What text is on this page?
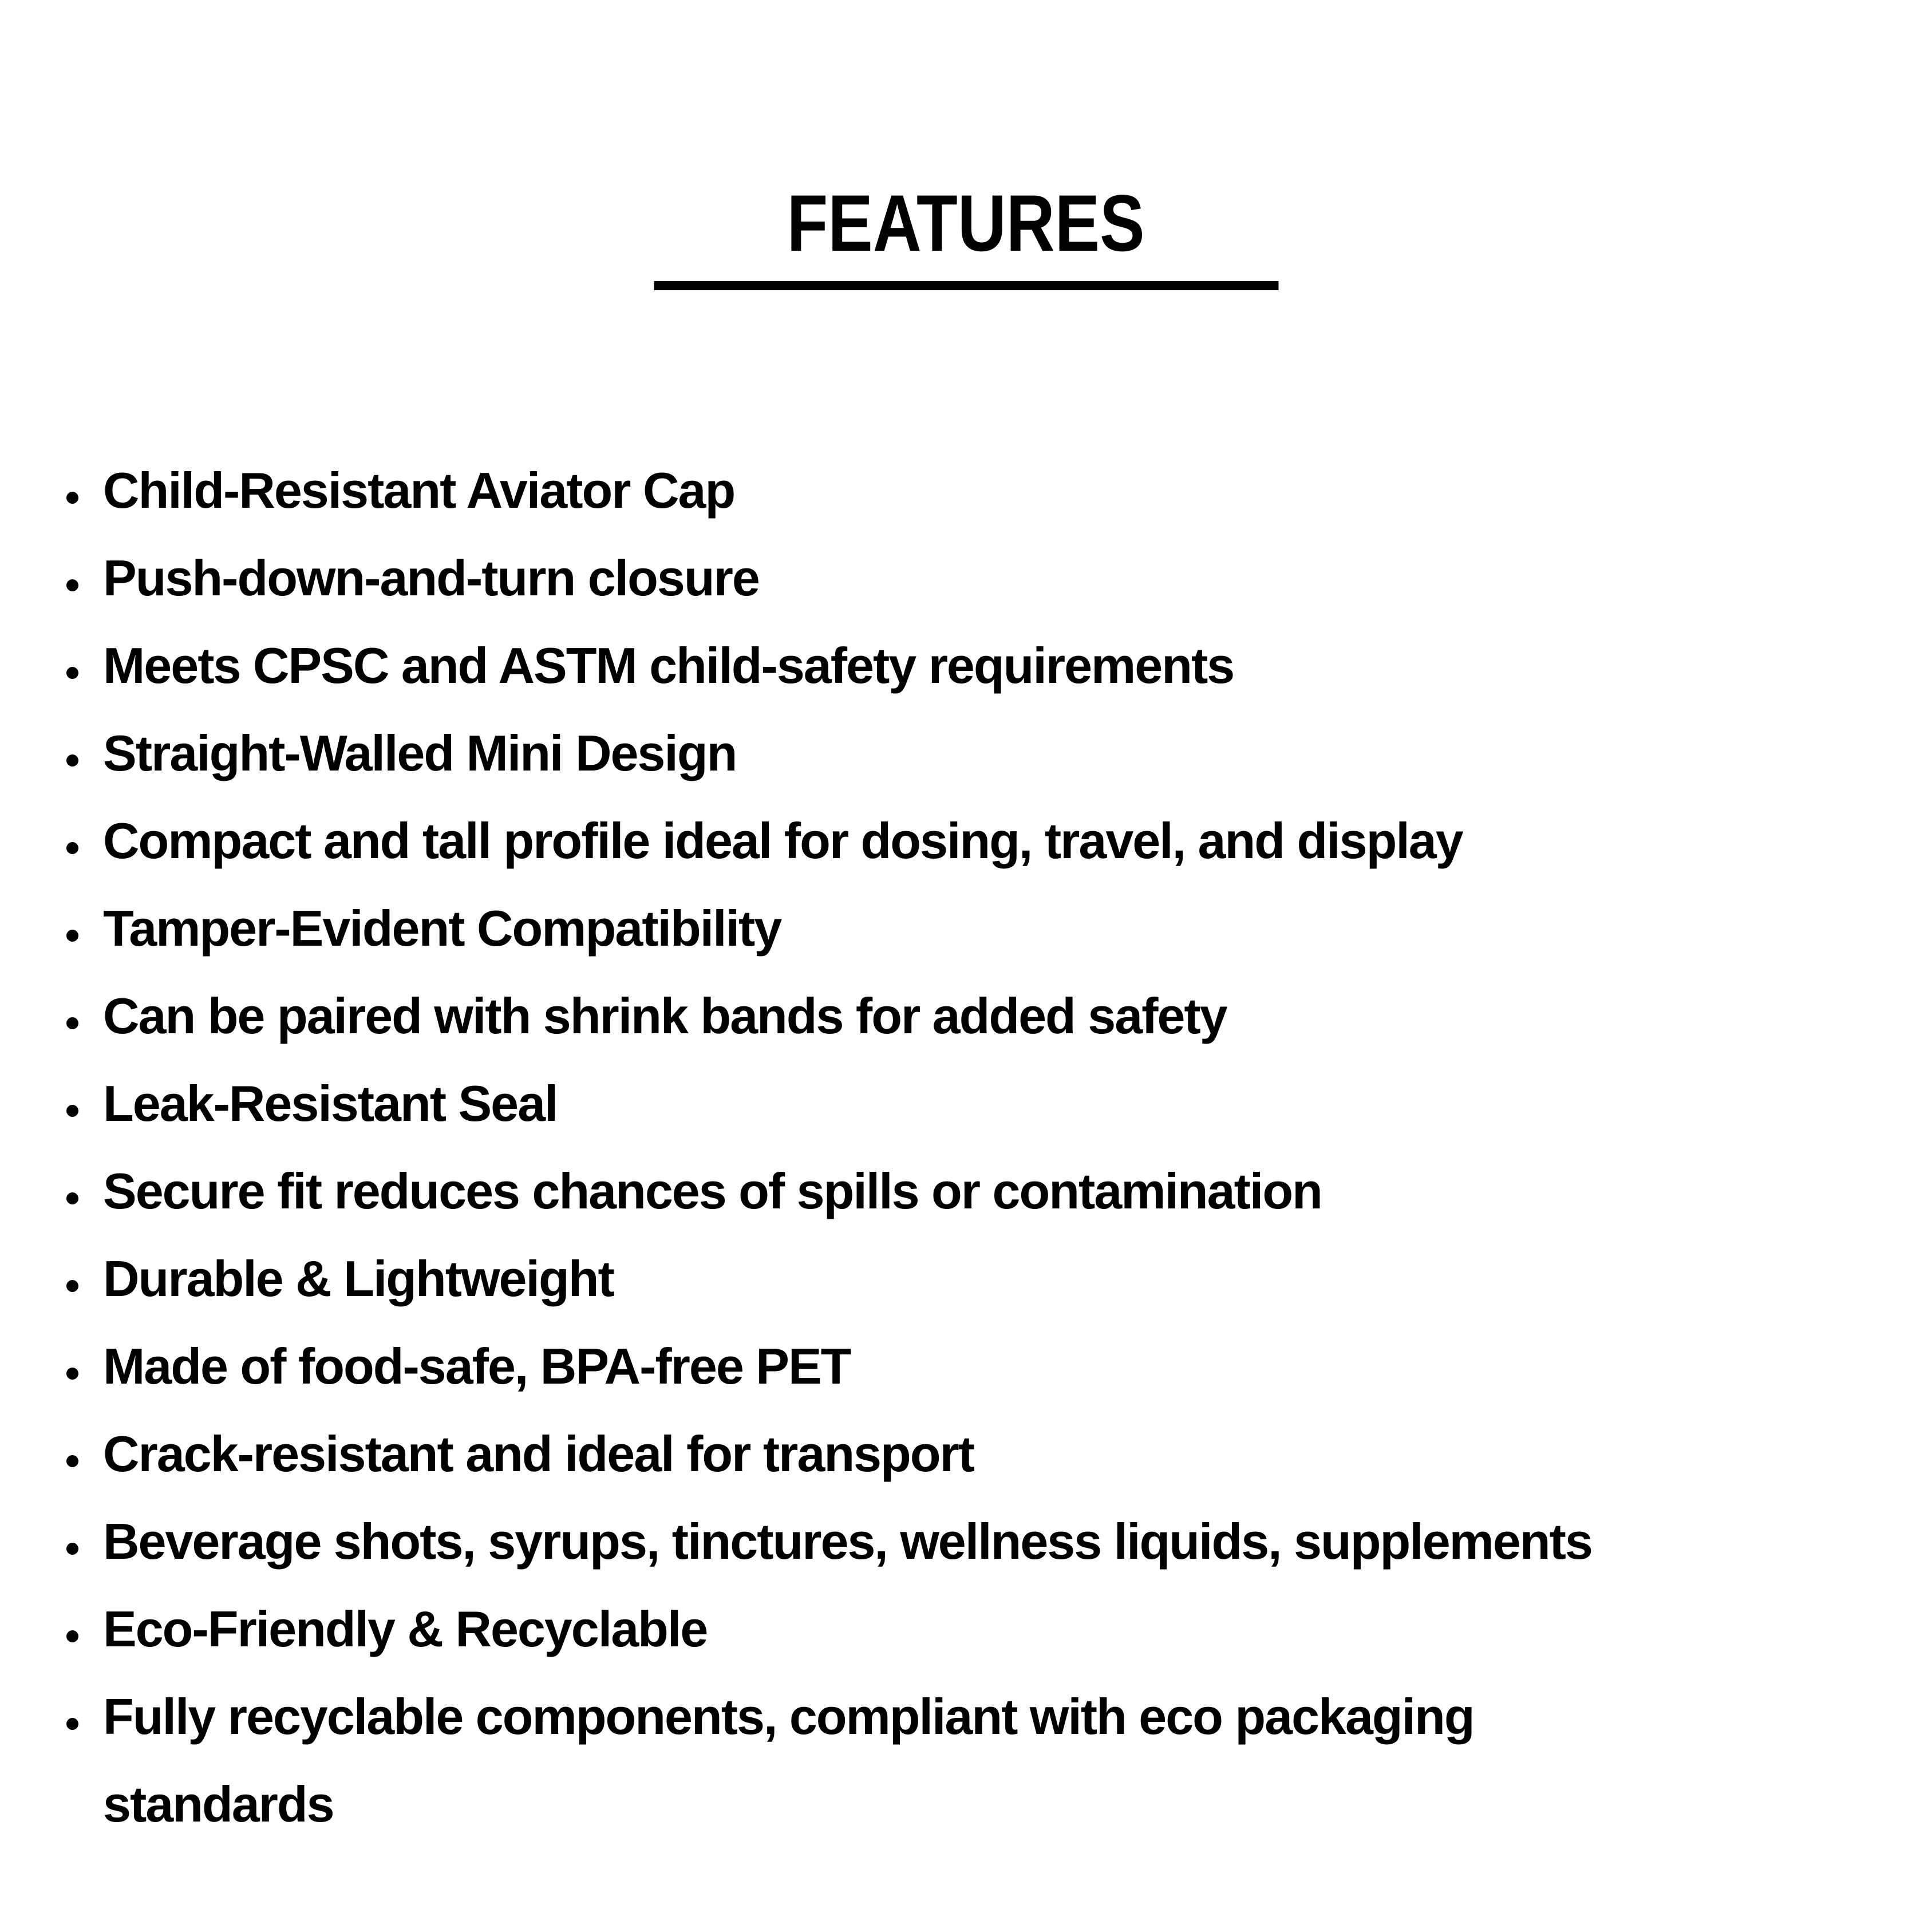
FEATURES
Child-Resistant Aviator Cap
Push-down-and-turn closure
Meets CPSC and ASTM child-safety requirements
Straight-Walled Mini Design
Compact and tall profile ideal for dosing, travel, and display
Tamper-Evident Compatibility
Can be paired with shrink bands for added safety
Leak-Resistant Seal
Secure fit reduces chances of spills or contamination
Durable & Lightweight
Made of food-safe, BPA-free PET
Crack-resistant and ideal for transport
Beverage shots, syrups, tinctures, wellness liquids, supplements
Eco-Friendly & Recyclable
Fully recyclable components, compliant with eco packaging
standards
